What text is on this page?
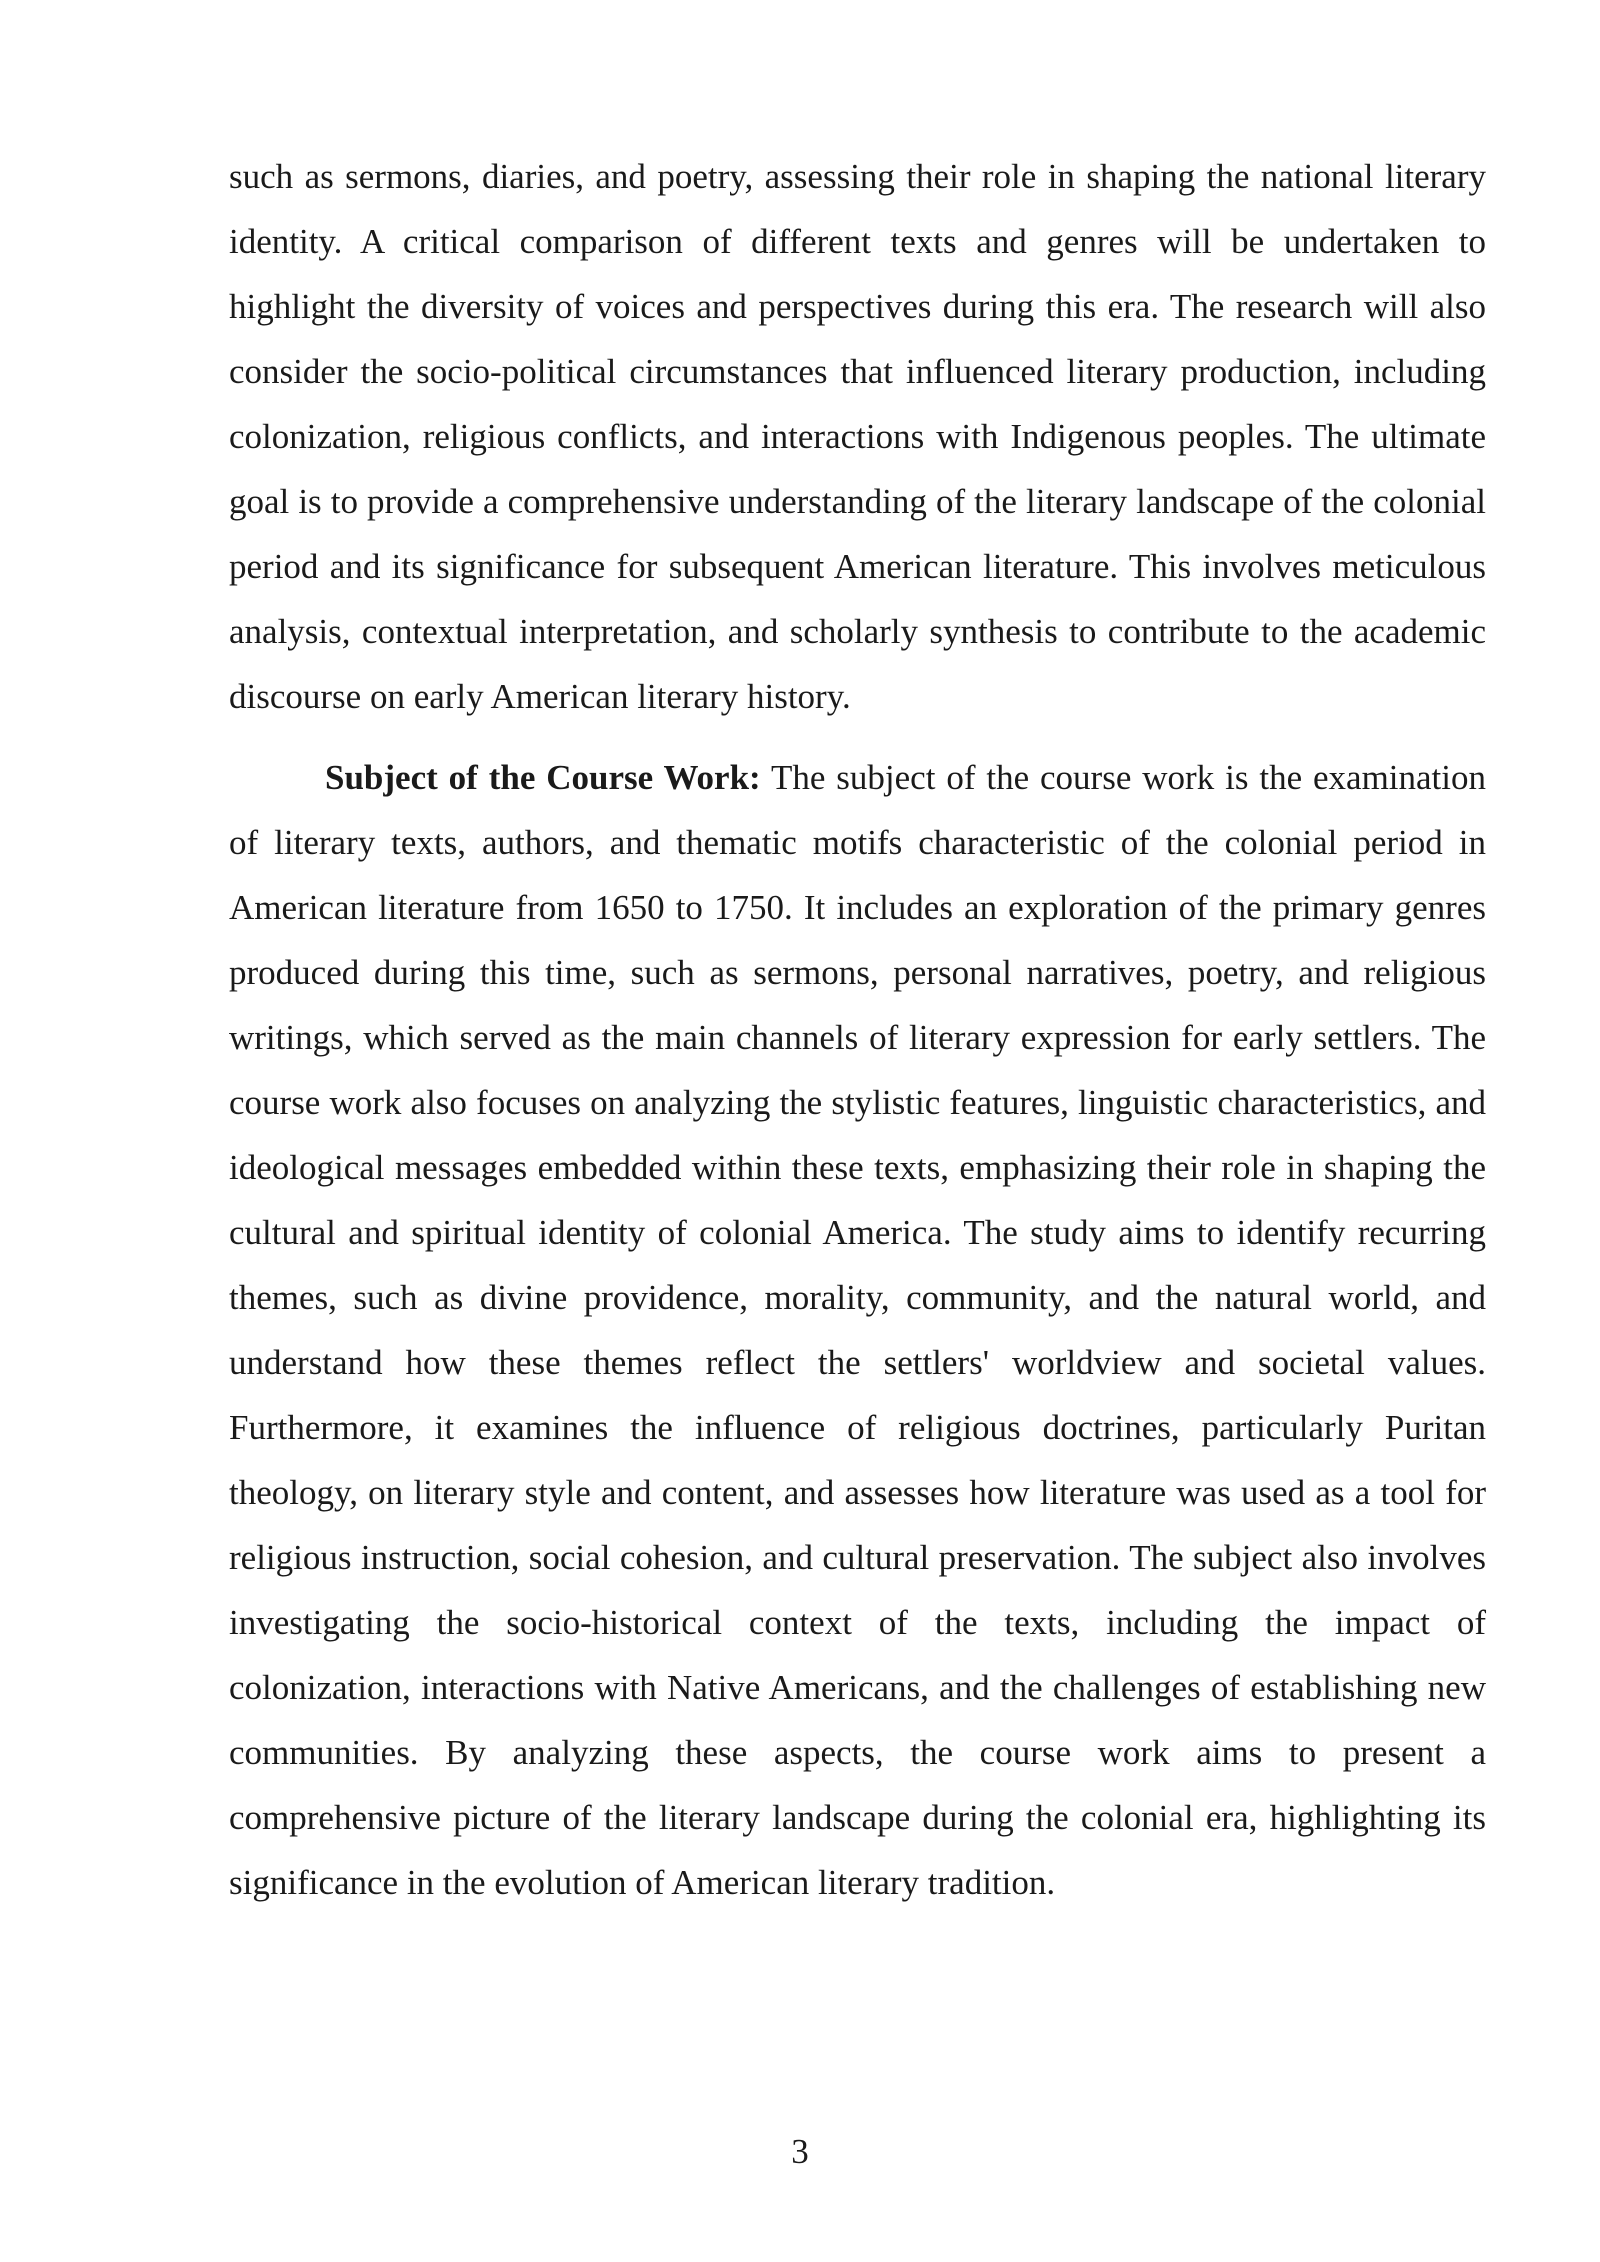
such as sermons, diaries, and poetry, assessing their role in shaping the national literary identity. A critical comparison of different texts and genres will be undertaken to highlight the diversity of voices and perspectives during this era. The research will also consider the socio-political circumstances that influenced literary production, including colonization, religious conflicts, and interactions with Indigenous peoples. The ultimate goal is to provide a comprehensive understanding of the literary landscape of the colonial period and its significance for subsequent American literature. This involves meticulous analysis, contextual interpretation, and scholarly synthesis to contribute to the academic discourse on early American literary history.

Subject of the Course Work: The subject of the course work is the examination of literary texts, authors, and thematic motifs characteristic of the colonial period in American literature from 1650 to 1750. It includes an exploration of the primary genres produced during this time, such as sermons, personal narratives, poetry, and religious writings, which served as the main channels of literary expression for early settlers. The course work also focuses on analyzing the stylistic features, linguistic characteristics, and ideological messages embedded within these texts, emphasizing their role in shaping the cultural and spiritual identity of colonial America. The study aims to identify recurring themes, such as divine providence, morality, community, and the natural world, and understand how these themes reflect the settlers' worldview and societal values. Furthermore, it examines the influence of religious doctrines, particularly Puritan theology, on literary style and content, and assesses how literature was used as a tool for religious instruction, social cohesion, and cultural preservation. The subject also involves investigating the socio-historical context of the texts, including the impact of colonization, interactions with Native Americans, and the challenges of establishing new communities. By analyzing these aspects, the course work aims to present a comprehensive picture of the literary landscape during the colonial era, highlighting its significance in the evolution of American literary tradition.

3
